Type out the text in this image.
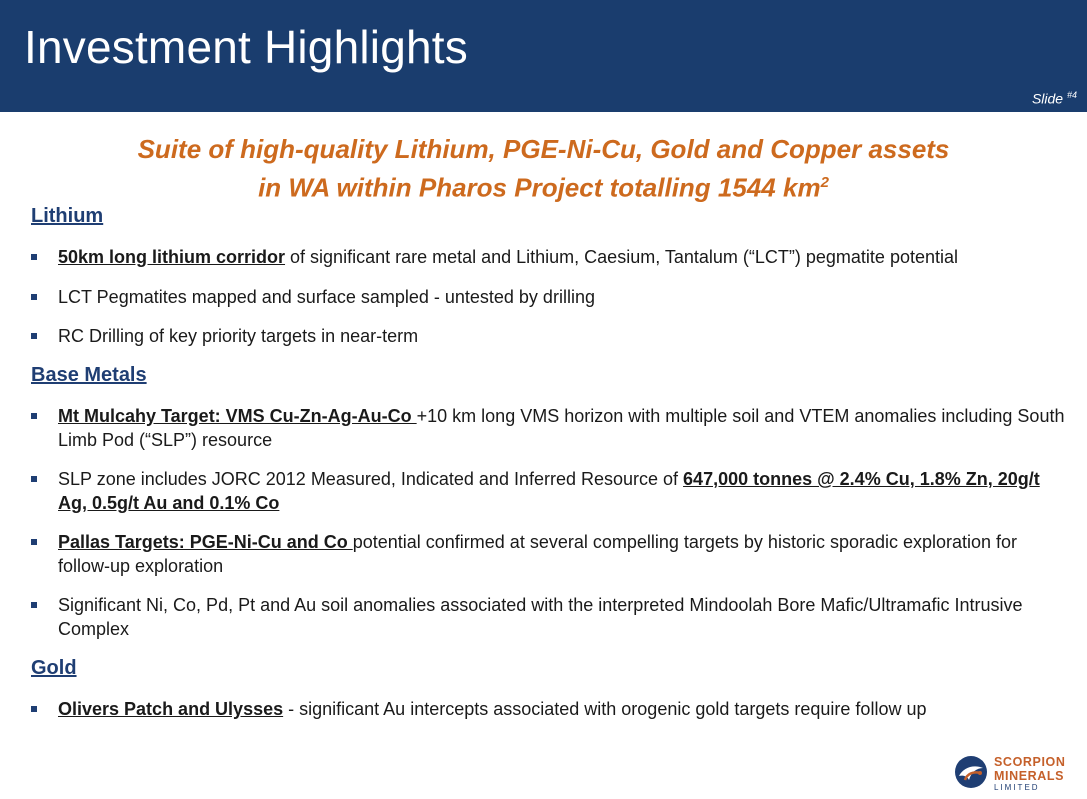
Investment Highlights
Slide $^{\#4}$
Suite of high-quality Lithium, PGE-Ni-Cu, Gold and Copper assets
in WA within Pharos Project totalling 1544 $km^2$
Lithium
50km long lithium corridor of significant rare metal and Lithium, Caesium, Tantalum (“LCT”) pegmatite potential
LCT Pegmatites mapped and surface sampled - untested by drilling
RC Drilling of key priority targets in near-term
Base Metals
Mt Mulcahy Target: VMS Cu-Zn-Ag-Au-Co +10 km long VMS horizon with multiple soil and VTEM anomalies including South Limb Pod (“SLP”) resource
SLP zone includes JORC 2012 Measured, Indicated and Inferred Resource of 647,000 tonnes @ 2.4% Cu, 1.8% Zn, 20g/t Ag, 0.5g/t Au and 0.1% Co
Pallas Targets: PGE-Ni-Cu and Co potential confirmed at several compelling targets by historic sporadic exploration for follow-up exploration
Significant Ni, Co, Pd, Pt and Au soil anomalies associated with the interpreted Mindoolah Bore Mafic/Ultramafic Intrusive Complex
Gold
Olivers Patch and Ulysses - significant Au intercepts associated with orogenic gold targets require follow up
SCORPION
MINERALS
LIMITED
